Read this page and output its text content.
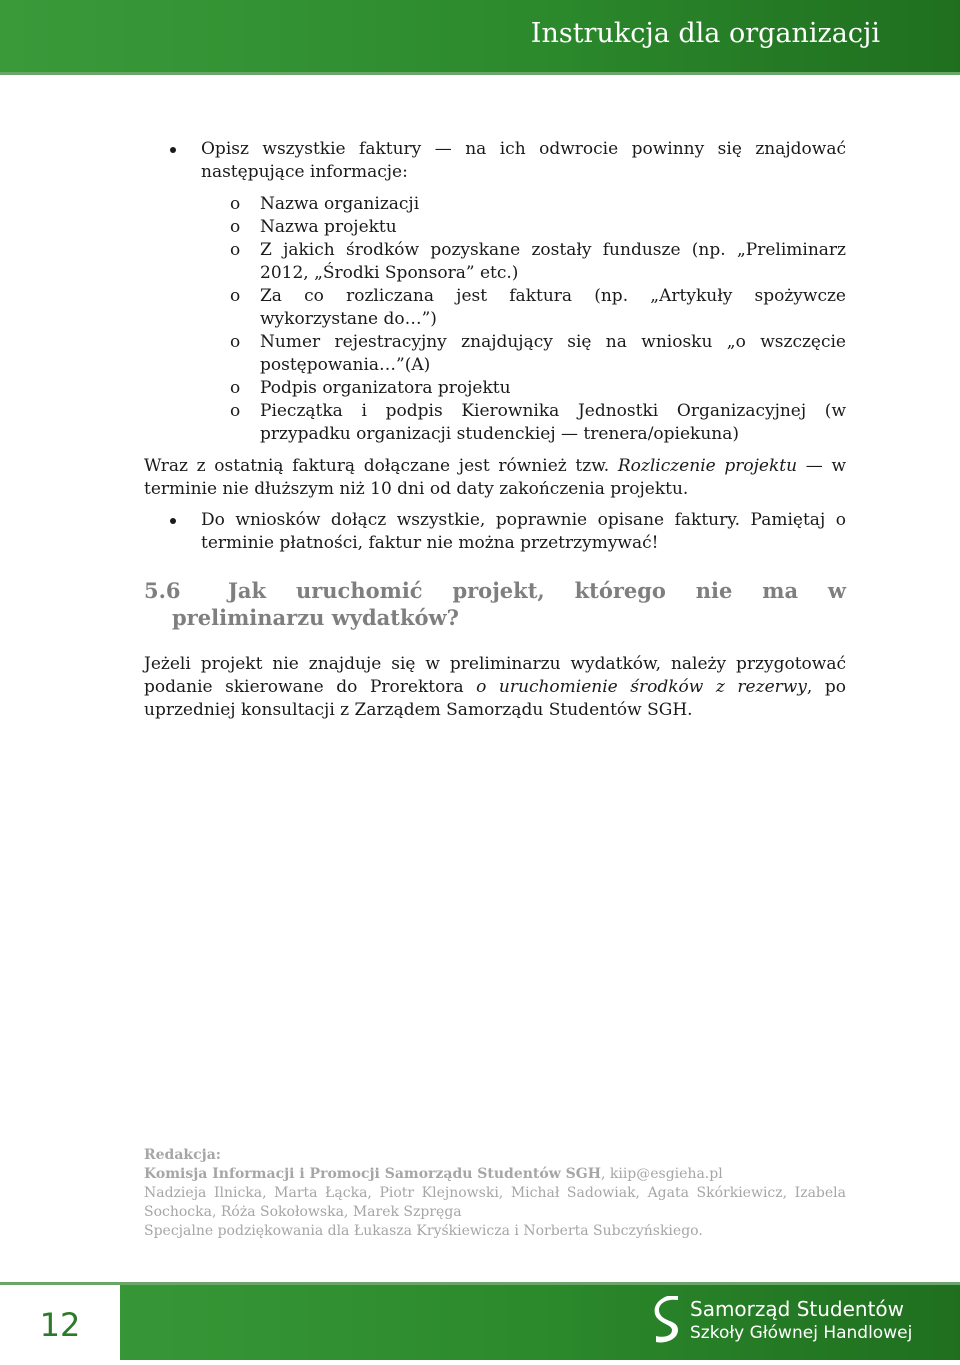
Instrukcja dla organizacji
Opisz wszystkie faktury — na ich odwrocie powinny się znajdować następujące informacje:
o Nazwa organizacji
o Nazwa projektu
o Z jakich środków pozyskane zostały fundusze (np. „Preliminarz 2012, „Środki Sponsora” etc.)
o Za co rozliczana jest faktura (np. „Artykuły spożywcze wykorzystane do…”)
o Numer rejestracyjny znajdujący się na wniosku „o wszczęcie postępowania…”(A)
o Podpis organizatora projektu
o Pieczątka i podpis Kierownika Jednostki Organizacyjnej (w przypadku organizacji studenckiej — trenera/opiekuna)
Wraz z ostatnią fakturą dołączane jest również tzw. Rozliczenie projektu — w terminie nie dłuższym niż 10 dni od daty zakończenia projektu.
Do wniosków dołącz wszystkie, poprawnie opisane faktury. Pamiętaj o terminie płatności, faktur nie można przetrzymywać!
5.6 Jak uruchomić projekt, którego nie ma w preliminarzu wydatków?
Jeżeli projekt nie znajduje się w preliminarzu wydatków, należy przygotować podanie skierowane do Prorektora o uruchomienie środków z rezerwy, po uprzedniej konsultacji z Zarządem Samorządu Studentów SGH.
Redakcja:
Komisja Informacji i Promocji Samorządu Studentów SGH, kiip@esgieha.pl
Nadzieja Ilnicka, Marta Łącka, Piotr Klejnowski, Michał Sadowiak, Agata Skórkiewicz, Izabela Sochocka, Róża Sokołowska, Marek Szpręga
Specjalne podziękowania dla Łukasza Kryśkiewicza i Norberta Subczyńskiego.
12	Samorząd Studentów
Szkoły Głównej Handlowej
